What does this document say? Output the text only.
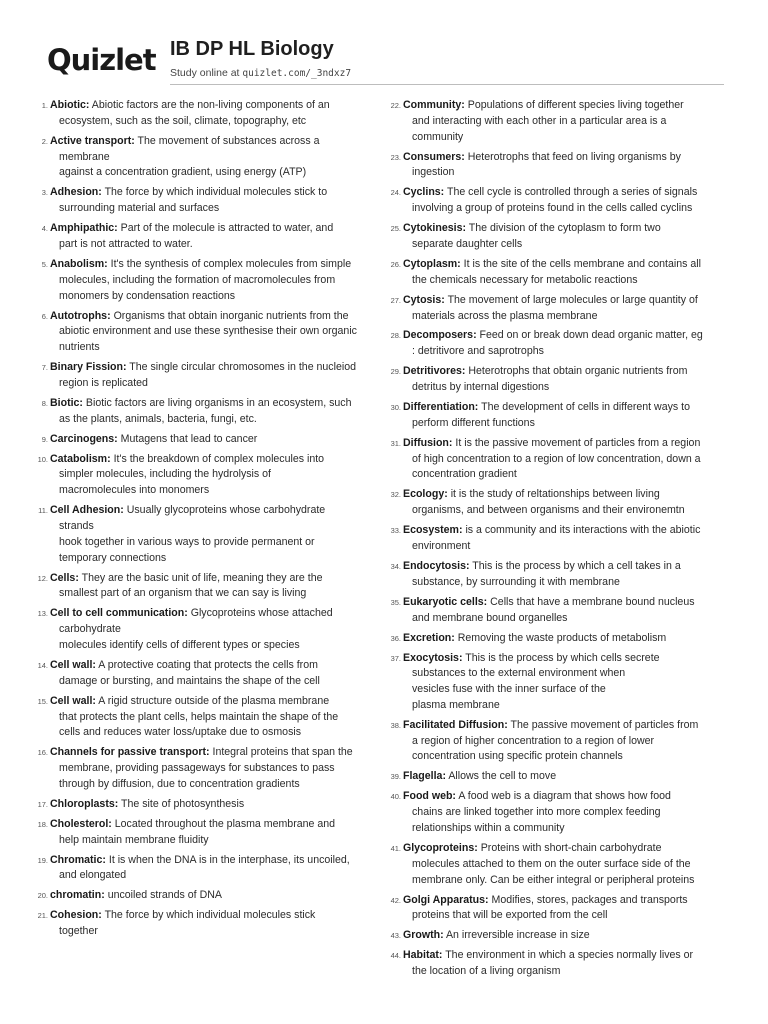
Quizlet IB DP HL Biology
Study online at quizlet.com/_3ndxz7
1. Abiotic: Abiotic factors are the non-living components of an
ecosystem, such as the soil, climate, topography, etc
2. Active transport: The movement of substances across a
membrane
against a concentration gradient, using energy (ATP)
3. Adhesion: The force by which individual molecules stick to
surrounding material and surfaces
4. Amphipathic: Part of the molecule is attracted to water, and
part is not attracted to water.
5. Anabolism: It's the synthesis of complex molecules from simple
molecules, including the formation of macromolecules from
monomers by condensation reactions
6. Autotrophs: Organisms that obtain inorganic nutrients from the
abiotic environment and use these synthesise their own organic
nutrients
7. Binary Fission: The single circular chromosomes in the nucleiod
region is replicated
8. Biotic: Biotic factors are living organisms in an ecosystem, such
as the plants, animals, bacteria, fungi, etc.
9. Carcinogens: Mutagens that lead to cancer
10. Catabolism: It's the breakdown of complex molecules into
simpler molecules, including the hydrolysis of
macromolecules into monomers
11. Cell Adhesion: Usually glycoproteins whose carbohydrate
strands
hook together in various ways to provide permanent or
temporary connections
12. Cells: They are the basic unit of life, meaning they are the
smallest part of an organism that we can say is living
13. Cell to cell communication: Glycoproteins whose attached
carbohydrate
molecules identify cells of different types or species
14. Cell wall: A protective coating that protects the cells from
damage or bursting, and maintains the shape of the cell
15. Cell wall: A rigid structure outside of the plasma membrane
that protects the plant cells, helps maintain the shape of the
cells and reduces water loss/uptake due to osmosis
16. Channels for passive transport: Integral proteins that span the
membrane, providing passageways for substances to pass
through by diffusion, due to concentration gradients
17. Chloroplasts: The site of photosynthesis
18. Cholesterol: Located throughout the plasma membrane and
help maintain membrane fluidity
19. Chromatic: It is when the DNA is in the interphase, its uncoiled,
and elongated
20. chromatin: uncoiled strands of DNA
21. Cohesion: The force by which individual molecules stick
together
22. Community: Populations of different species living together
and interacting with each other in a particular area is a
community
23. Consumers: Heterotrophs that feed on living organisms by
ingestion
24. Cyclins: The cell cycle is controlled through a series of signals
involving a group of proteins found in the cells called cyclins
25. Cytokinesis: The division of the cytoplasm to form two
separate daughter cells
26. Cytoplasm: It is the site of the cells membrane and contains all
the chemicals necessary for metabolic reactions
27. Cytosis: The movement of large molecules or large quantity of
materials across the plasma membrane
28. Decomposers: Feed on or break down dead organic matter, eg
: detritivore and saprotrophs
29. Detritivores: Heterotrophs that obtain organic nutrients from
detritus by internal digestions
30. Differentiation: The development of cells in different ways to
perform different functions
31. Diffusion: It is the passive movement of particles from a region
of high concentration to a region of low concentration, down a
concentration gradient
32. Ecology: it is the study of reltationships between living
organisms, and between organisms and their environemtn
33. Ecosystem: is a community and its interactions with the abiotic
environment
34. Endocytosis: This is the process by which a cell takes in a
substance, by surrounding it with membrane
35. Eukaryotic cells: Cells that have a membrane bound nucleus
and membrane bound organelles
36. Excretion: Removing the waste products of metabolism
37. Exocytosis: This is the process by which cells secrete
substances to the external environment when
vesicles fuse with the inner surface of the
plasma membrane
38. Facilitated Diffusion: The passive movement of particles from
a region of higher concentration to a region of lower
concentration using specific protein channels
39. Flagella: Allows the cell to move
40. Food web: A food web is a diagram that shows how food
chains are linked together into more complex feeding
relationships within a community
41. Glycoproteins: Proteins with short-chain carbohydrate
molecules attached to them on the outer surface side of the
membrane only. Can be either integral or peripheral proteins
42. Golgi Apparatus: Modifies, stores, packages and transports
proteins that will be exported from the cell
43. Growth: An irreversible increase in size
44. Habitat: The environment in which a species normally lives or
the location of a living organism
